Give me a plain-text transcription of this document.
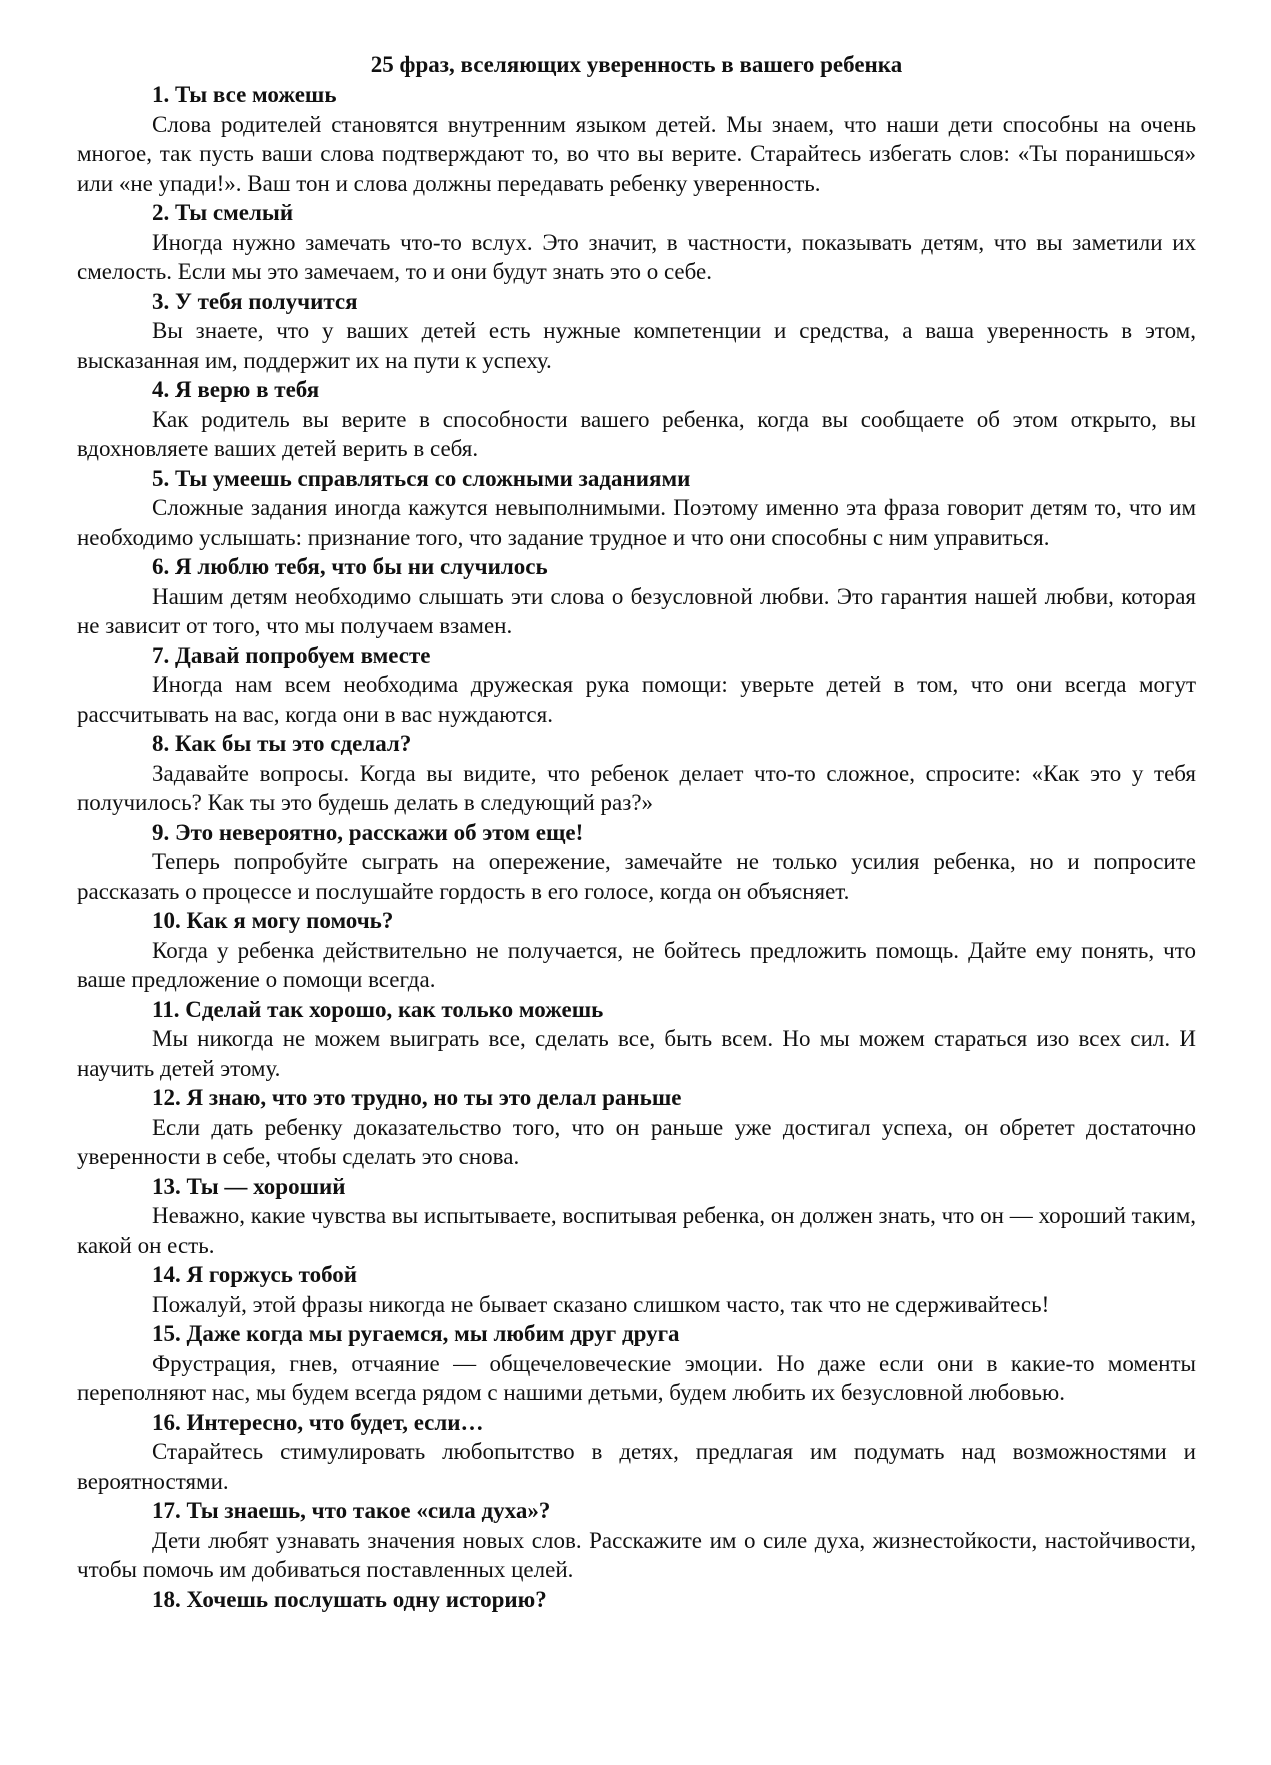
25 фраз, вселяющих уверенность в вашего ребенка
1. Ты все можешь

Слова родителей становятся внутренним языком детей. Мы знаем, что наши дети способны на очень многое, так пусть ваши слова подтверждают то, во что вы верите. Старайтесь избегать слов: «Ты поранишься» или «не упади!». Ваш тон и слова должны передавать ребенку уверенность.

2. Ты смелый

Иногда нужно замечать что-то вслух. Это значит, в частности, показывать детям, что вы заметили их смелость. Если мы это замечаем, то и они будут знать это о себе.

3. У тебя получится

Вы знаете, что у ваших детей есть нужные компетенции и средства, а ваша уверенность в этом, высказанная им, поддержит их на пути к успеху.

4. Я верю в тебя

Как родитель вы верите в способности вашего ребенка, когда вы сообщаете об этом открыто, вы вдохновляете ваших детей верить в себя.

5. Ты умеешь справляться со сложными заданиями

Сложные задания иногда кажутся невыполнимыми. Поэтому именно эта фраза говорит детям то, что им необходимо услышать: признание того, что задание трудное и что они способны с ним управиться.

6. Я люблю тебя, что бы ни случилось

Нашим детям необходимо слышать эти слова о безусловной любви. Это гарантия нашей любви, которая не зависит от того, что мы получаем взамен.

7. Давай попробуем вместе

Иногда нам всем необходима дружеская рука помощи: уверьте детей в том, что они всегда могут рассчитывать на вас, когда они в вас нуждаются.

8. Как бы ты это сделал?

Задавайте вопросы. Когда вы видите, что ребенок делает что-то сложное, спросите: «Как это у тебя получилось? Как ты это будешь делать в следующий раз?»

9. Это невероятно, расскажи об этом еще!

Теперь попробуйте сыграть на опережение, замечайте не только усилия ребенка, но и попросите рассказать о процессе и послушайте гордость в его голосе, когда он объясняет.

10. Как я могу помочь?

Когда у ребенка действительно не получается, не бойтесь предложить помощь. Дайте ему понять, что ваше предложение о помощи всегда.

11. Сделай так хорошо, как только можешь

Мы никогда не можем выиграть все, сделать все, быть всем. Но мы можем стараться изо всех сил. И научить детей этому.

12. Я знаю, что это трудно, но ты это делал раньше

Если дать ребенку доказательство того, что он раньше уже достигал успеха, он обретет достаточно уверенности в себе, чтобы сделать это снова.

13. Ты — хороший

Неважно, какие чувства вы испытываете, воспитывая ребенка, он должен знать, что он — хороший таким, какой он есть.

14. Я горжусь тобой

Пожалуй, этой фразы никогда не бывает сказано слишком часто, так что не сдерживайтесь!

15. Даже когда мы ругаемся, мы любим друг друга

Фрустрация, гнев, отчаяние — общечеловеческие эмоции. Но даже если они в какие-то моменты переполняют нас, мы будем всегда рядом с нашими детьми, будем любить их безусловной любовью.

16. Интересно, что будет, если…

Старайтесь стимулировать любопытство в детях, предлагая им подумать над возможностями и вероятностями.

17. Ты знаешь, что такое «сила духа»?

Дети любят узнавать значения новых слов. Расскажите им о силе духа, жизнестойкости, настойчивости, чтобы помочь им добиваться поставленных целей.

18. Хочешь послушать одну историю?
